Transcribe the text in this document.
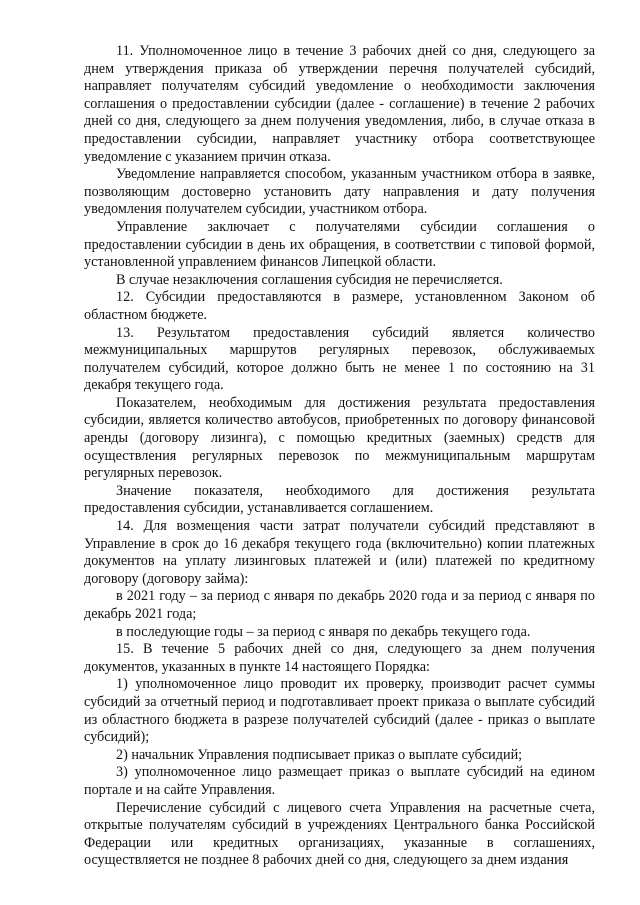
11. Уполномоченное лицо в течение 3 рабочих дней со дня, следующего за днем утверждения приказа об утверждении перечня получателей субсидий, направляет получателям субсидий уведомление о необходимости заключения соглашения о предоставлении субсидии (далее - соглашение) в течение 2 рабочих дней со дня, следующего за днем получения уведомления, либо, в случае отказа в предоставлении субсидии, направляет участнику отбора соответствующее уведомление с указанием причин отказа.

Уведомление направляется способом, указанным участником отбора в заявке, позволяющим достоверно установить дату направления и дату получения уведомления получателем субсидии, участником отбора.

Управление заключает с получателями субсидии соглашения о предоставлении субсидии в день их обращения, в соответствии с типовой формой, установленной управлением финансов Липецкой области.

В случае незаключения соглашения субсидия не перечисляется.

12. Субсидии предоставляются в размере, установленном Законом об областном бюджете.

13. Результатом предоставления субсидий является количество межмуниципальных маршрутов регулярных перевозок, обслуживаемых получателем субсидий, которое должно быть не менее 1 по состоянию на 31 декабря текущего года.

Показателем, необходимым для достижения результата предоставления субсидии, является количество автобусов, приобретенных по договору финансовой аренды (договору лизинга), с помощью кредитных (заемных) средств для осуществления регулярных перевозок по межмуниципальным маршрутам регулярных перевозок.

Значение показателя, необходимого для достижения результата предоставления субсидии, устанавливается соглашением.

14. Для возмещения части затрат получатели субсидий представляют в Управление в срок до 16 декабря текущего года (включительно) копии платежных документов на уплату лизинговых платежей и (или) платежей по кредитному договору (договору займа):

в 2021 году – за период с января по декабрь 2020 года и за период с января по декабрь 2021 года;

в последующие годы – за период с января по декабрь текущего года.

15. В течение 5 рабочих дней со дня, следующего за днем получения документов, указанных в пункте 14 настоящего Порядка:

1) уполномоченное лицо проводит их проверку, производит расчет суммы субсидий за отчетный период и подготавливает проект приказа о выплате субсидий из областного бюджета в разрезе получателей субсидий (далее - приказ о выплате субсидий);

2) начальник Управления подписывает приказ о выплате субсидий;

3) уполномоченное лицо размещает приказ о выплате субсидий на едином портале и на сайте Управления.

Перечисление субсидий с лицевого счета Управления на расчетные счета, открытые получателям субсидий в учреждениях Центрального банка Российской Федерации или кредитных организациях, указанные в соглашениях, осуществляется не позднее 8 рабочих дней со дня, следующего за днем издания
